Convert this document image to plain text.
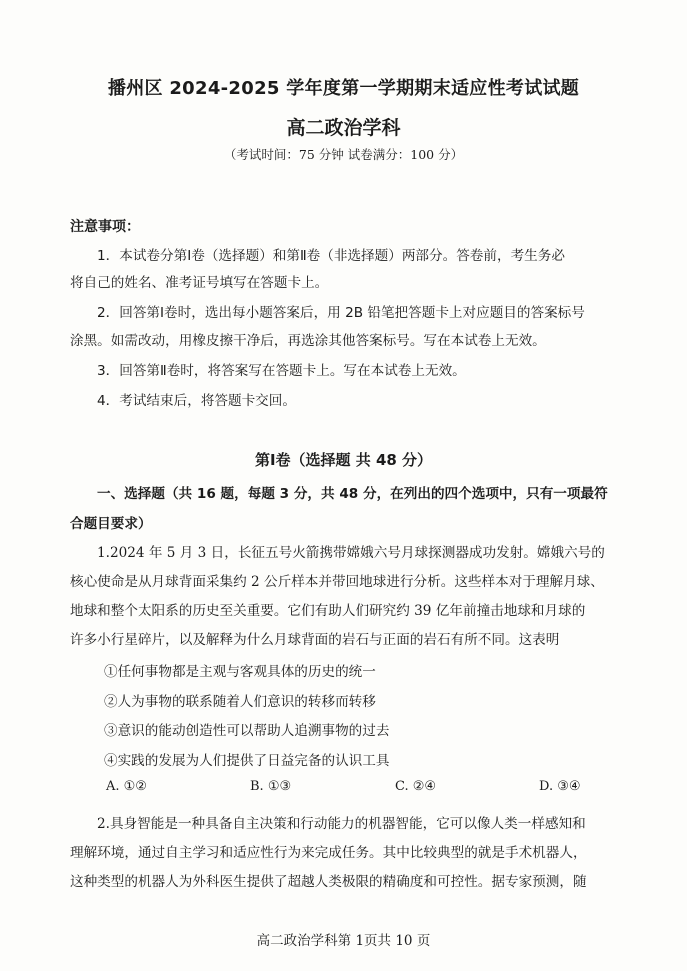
播州区 2024-2025 学年度第一学期期末适应性考试试题
高二政治学科
（考试时间：75 分钟 试卷满分：100 分）
注意事项：
1．本试卷分第Ⅰ卷（选择题）和第Ⅱ卷（非选择题）两部分。答卷前，考生务必
将自己的姓名、准考证号填写在答题卡上。
2．回答第Ⅰ卷时，选出每小题答案后，用 2B 铅笔把答题卡上对应题目的答案标号
涂黑。如需改动，用橡皮擦干净后，再选涂其他答案标号。写在本试卷上无效。
3．回答第Ⅱ卷时，将答案写在答题卡上。写在本试卷上无效。
4．考试结束后，将答题卡交回。
第Ⅰ卷（选择题 共 48 分）
一、选择题（共 16 题，每题 3 分，共 48 分，在列出的四个选项中，只有一项最符
合题目要求）
1.2024 年 5 月 3 日，长征五号火箭携带嫦娥六号月球探测器成功发射。嫦娥六号的
核心使命是从月球背面采集约 2 公斤样本并带回地球进行分析。这些样本对于理解月球、
地球和整个太阳系的历史至关重要。它们有助人们研究约 39 亿年前撞击地球和月球的
许多小行星碎片，以及解释为什么月球背面的岩石与正面的岩石有所不同。这表明
①任何事物都是主观与客观具体的历史的统一
②人为事物的联系随着人们意识的转移而转移
③意识的能动创造性可以帮助人追溯事物的过去
④实践的发展为人们提供了日益完备的认识工具
A. ①②	B. ①③	C. ②④	D. ③④
2.具身智能是一种具备自主决策和行动能力的机器智能，它可以像人类一样感知和
理解环境，通过自主学习和适应性行为来完成任务。其中比较典型的就是手术机器人，
这种类型的机器人为外科医生提供了超越人类极限的精确度和可控性。据专家预测，随
高二政治学科第 1页共 10 页
